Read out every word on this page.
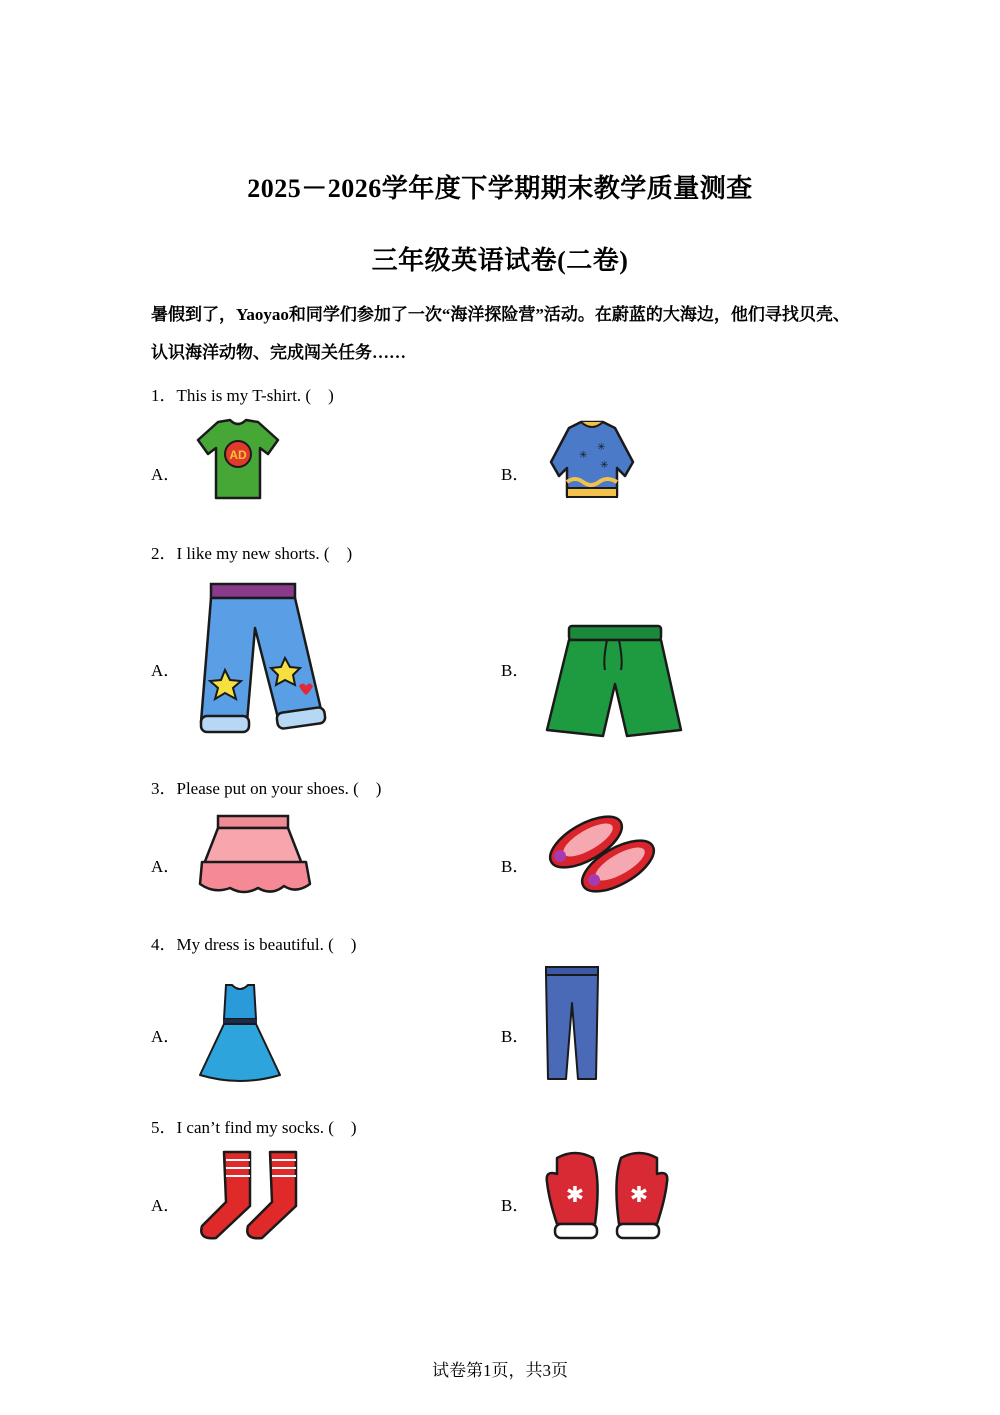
2025－2026学年度下学期期末教学质量测查
三年级英语试卷(二卷)
暑假到了，Yaoyao和同学们参加了一次“海洋探险营”活动。在蔚蓝的大海边，他们寻找贝壳、认识海洋动物、完成闯关任务……
1．This is my T-shirt. (　)
A．
AD
B．
✳
✳
✳
2．I like my new shorts. (　)
A．	B．
3．Please put on your shoes. (　)
A．	B．
4．My dress is beautiful. (　)
A．	B．
5．I can’t find my socks. (　)
A．	B． ✱ ✱
试卷第1页，共3页
